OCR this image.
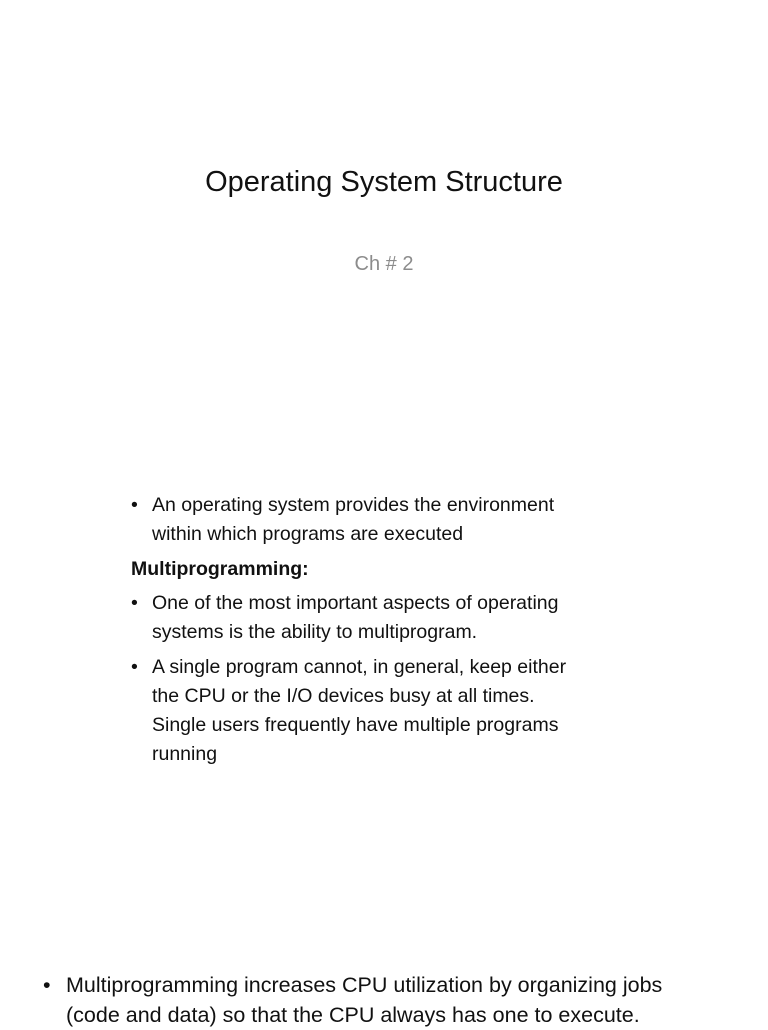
Operating System Structure
Ch # 2
• An operating system provides the environment
within which programs are executed
Multiprogramming:
• One of the most important aspects of operating
systems is the ability to multiprogram.
• A single program cannot, in general, keep either
the CPU or the I/O devices busy at all times.
Single users frequently have multiple programs
running
• Multiprogramming increases CPU utilization by organizing jobs
(code and data) so that the CPU always has one to execute.
